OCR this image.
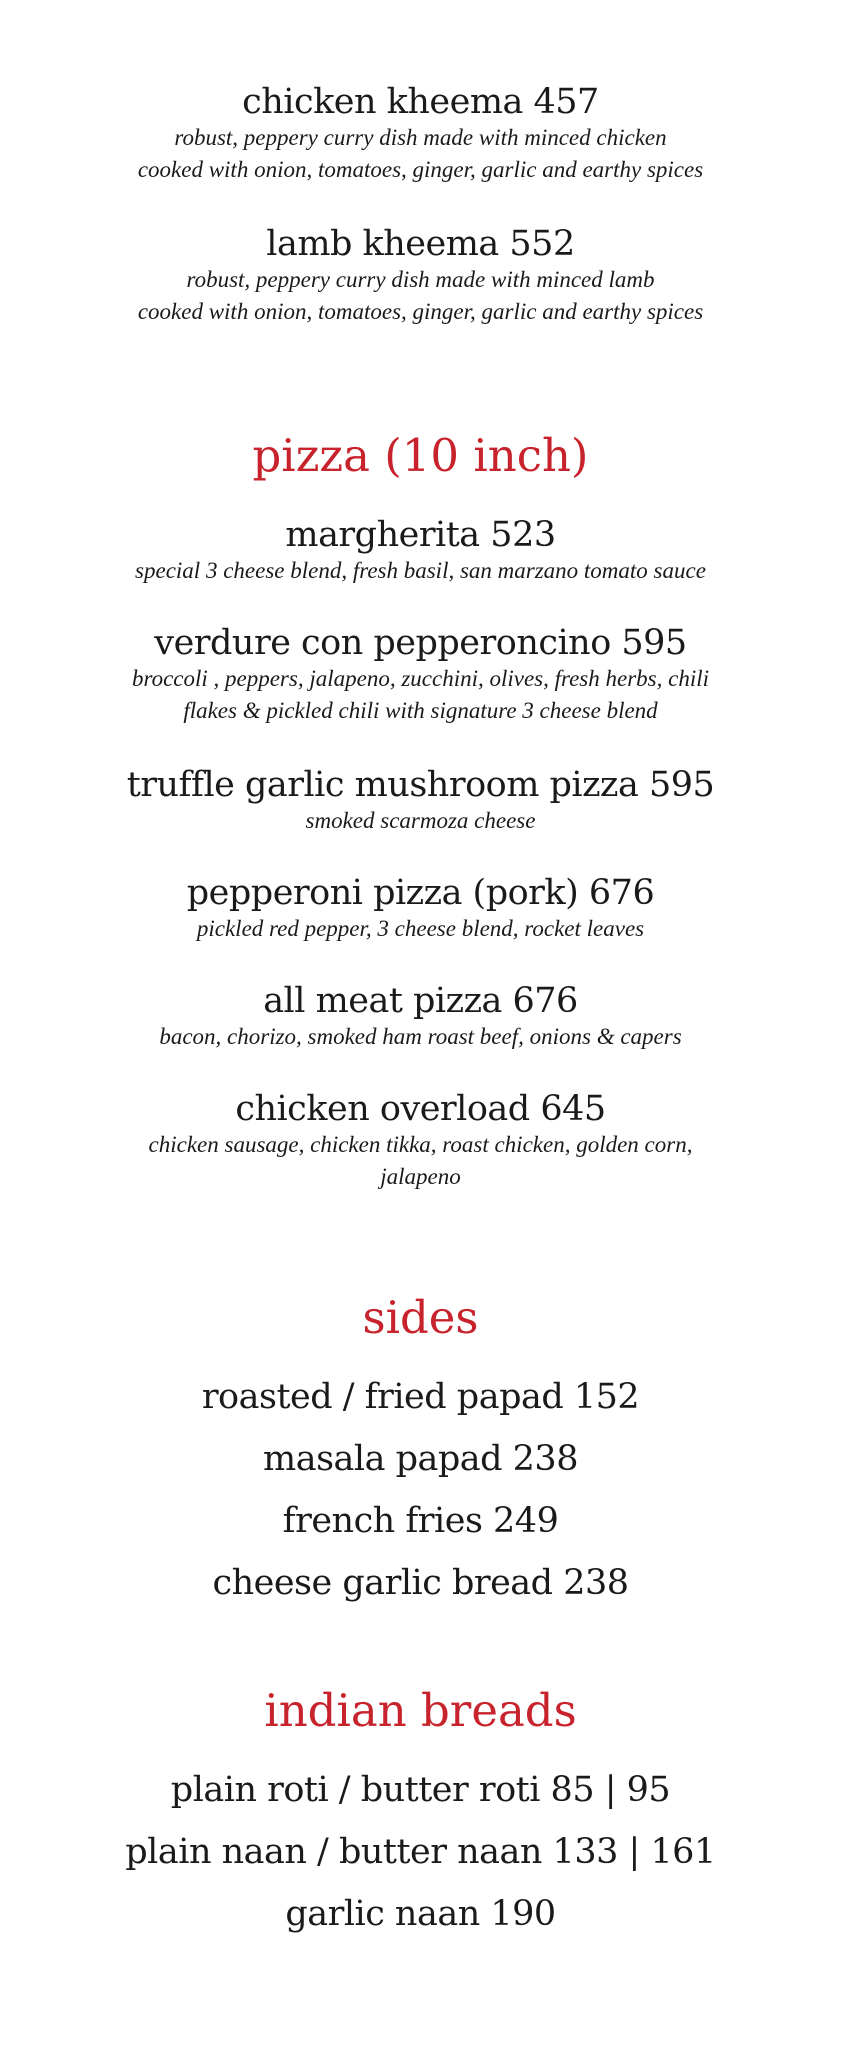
chicken kheema 457

robust, peppery curry dish made with minced chicken

cooked with onion, tomatoes, ginger, garlic and earthy spices

lamb kheema 552

robust, peppery curry dish made with minced lamb

cooked with onion, tomatoes, ginger, garlic and earthy spices

pizza (10 inch)

margherita 523

special 3 cheese blend, fresh basil, san marzano tomato sauce

verdure con pepperoncino 595

broccoli , peppers, jalapeno, zucchini, olives, fresh herbs, chili

flakes & pickled chili with signature 3 cheese blend

truffle garlic mushroom pizza 595

smoked scarmoza cheese

pepperoni pizza (pork) 676

pickled red pepper, 3 cheese blend, rocket leaves

all meat pizza 676

bacon, chorizo, smoked ham roast beef, onions & capers

chicken overload 645

chicken sausage, chicken tikka, roast chicken, golden corn,

jalapeno

sides

roasted / fried papad 152

masala papad 238

french fries 249

cheese garlic bread 238

indian breads

plain roti / butter roti 85 | 95

plain naan / butter naan 133 | 161

garlic naan 190
